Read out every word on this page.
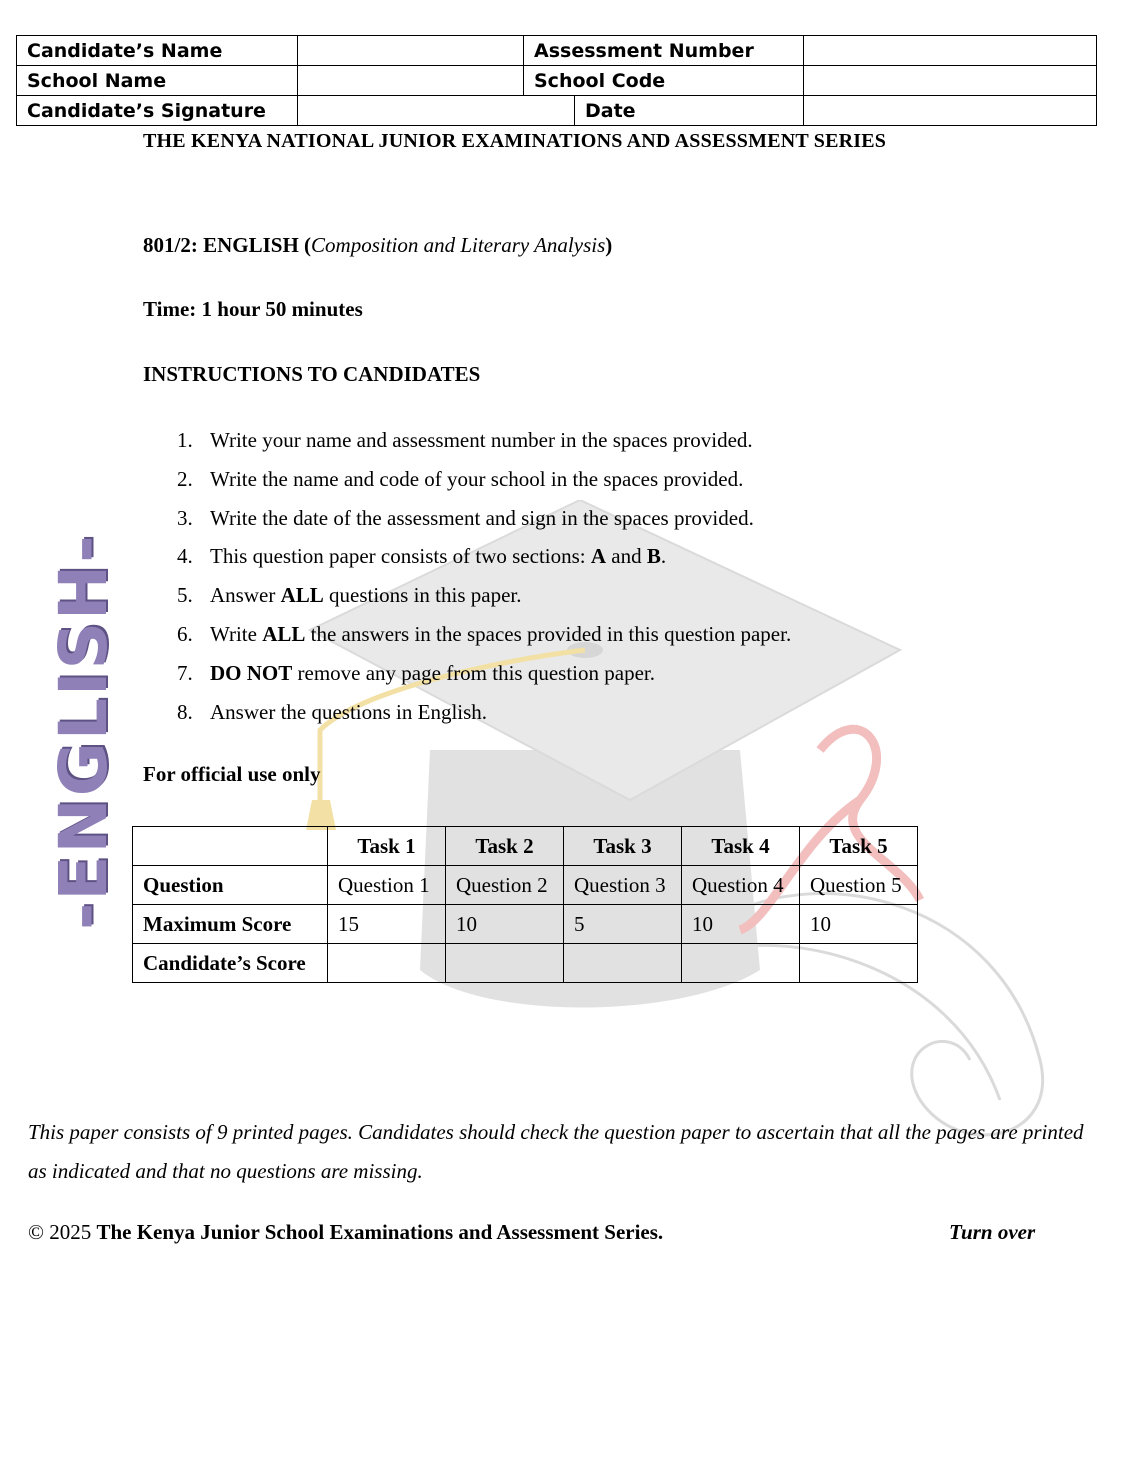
-ENGLISH-
Candidate’s Name		Assessment Number		
School Name		School Code		
Candidate’s Signature			Date	
THE KENYA NATIONAL JUNIOR EXAMINATIONS AND ASSESSMENT SERIES
801/2: ENGLISH (Composition and Literary Analysis)
Time: 1 hour 50 minutes
INSTRUCTIONS TO CANDIDATES
1. Write your name and assessment number in the spaces provided.
2. Write the name and code of your school in the spaces provided.
3. Write the date of the assessment and sign in the spaces provided.
4. This question paper consists of two sections: A and B.
5. Answer ALL questions in this paper.
6. Write ALL the answers in the spaces provided in this question paper.
7. DO NOT remove any page from this question paper.
8. Answer the questions in English.
For official use only
	Task 1	Task 2	Task 3	Task 4	Task 5
Question	Question 1	Question 2	Question 3	Question 4	Question 5
Maximum Score	15	10	5	10	10
Candidate’s Score					
This paper consists of 9 printed pages. Candidates should check the question paper to ascertain that all the pages are printed as indicated and that no questions are missing.
© 2025 The Kenya Junior School Examinations and Assessment Series.	Turn over
